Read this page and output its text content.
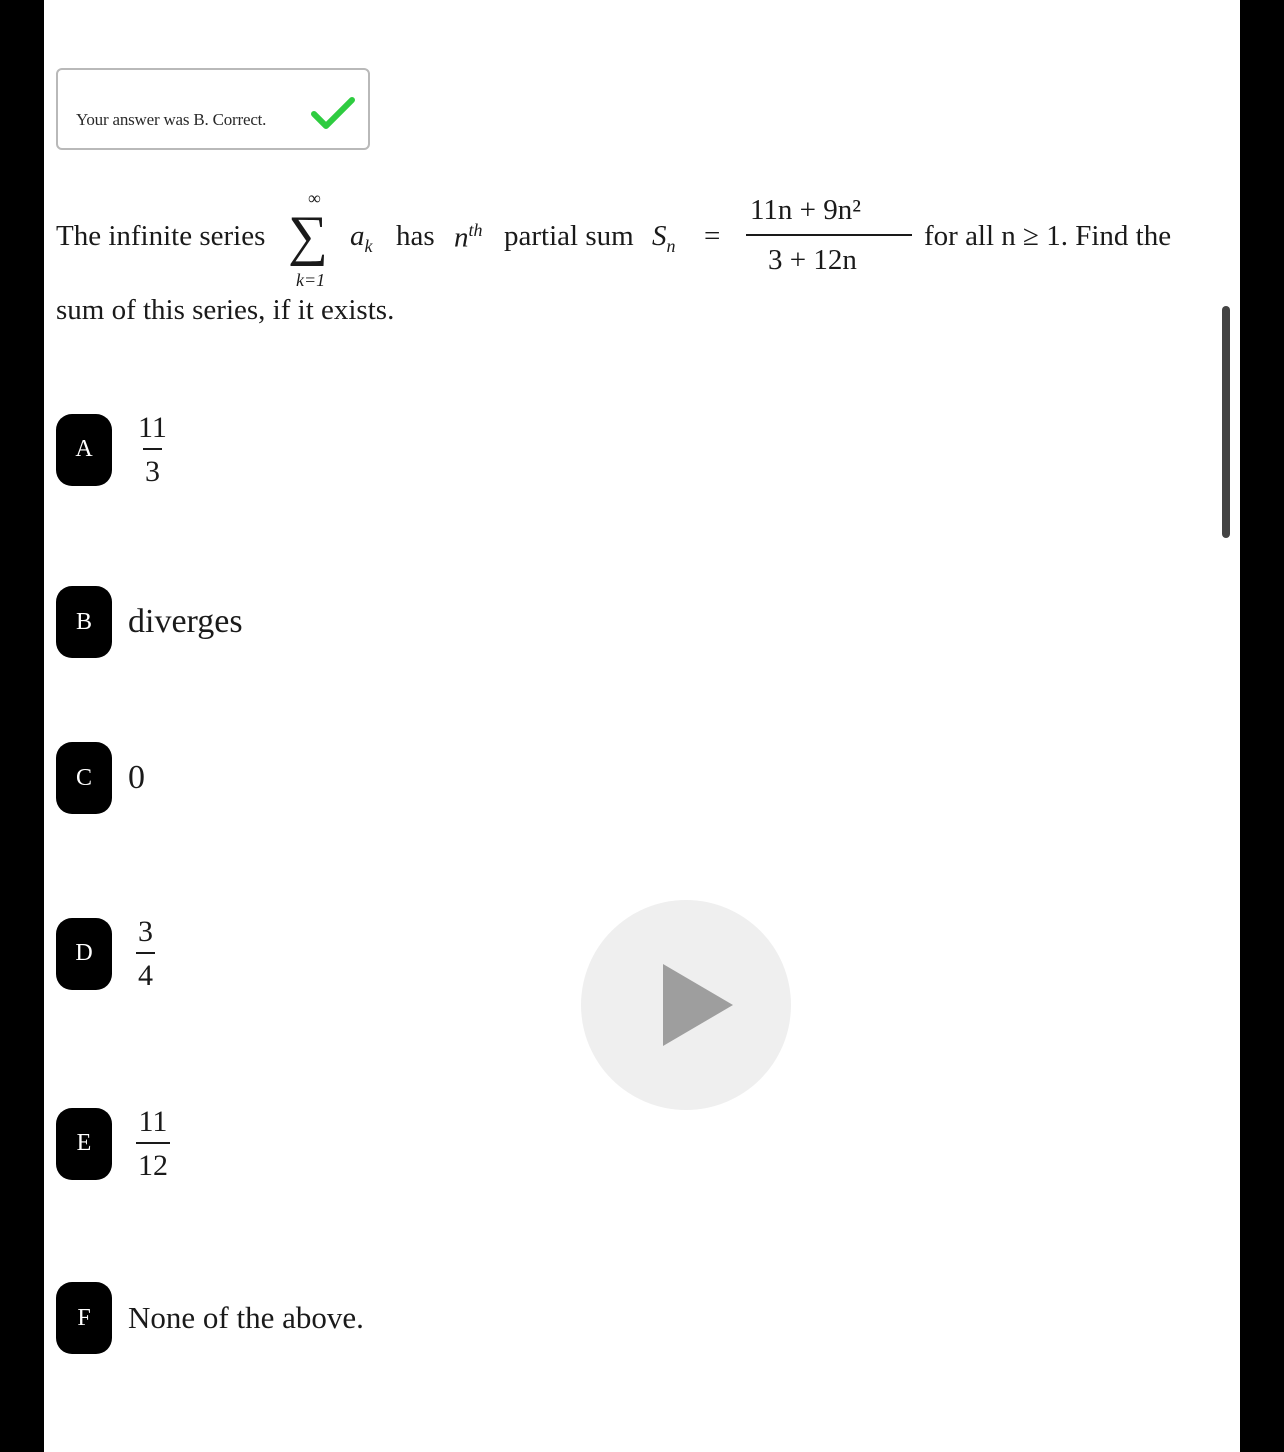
Your answer was B. Correct.
The infinite series
∞
∑
k=1
$a_k$ has $n^{th}$ partial sum $S_n$ =
11n + 9n²
3 + 12n
for all n ≥ 1. Find the
sum of this series, if it exists.
A	$\frac{11}{3}$
B	diverges
C	0
D	$\frac{3}{4}$
E	$\frac{11}{12}$
F	None of the above.
